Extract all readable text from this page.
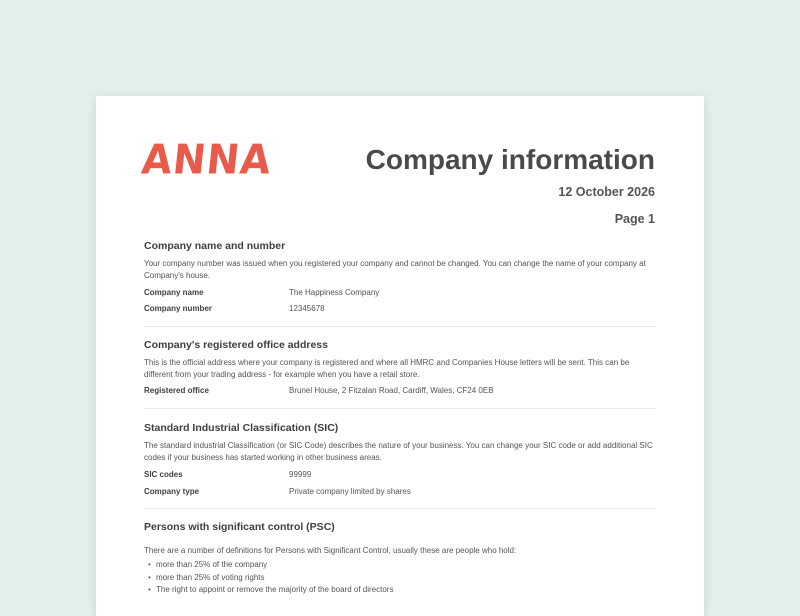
ANNA	Company information
12 October 2026
Page 1
Company name and number

Your company number was issued when you registered your company and cannot be changed. You can change the name of your company at Company's house.

Company name	The Happiness Company
Company number	12345678
Company's registered office address

This is the official address where your company is registered and where all HMRC and Companies House letters will be sent. This can be different from your trading address - for example when you have a retail store.

Registered office	Brunel House, 2 Fitzalan Road, Cardiff, Wales, CF24 0EB
Standard Industrial Classification (SIC)

The standard industrial Classification (or SIC Code) describes the nature of your business. You can change your SIC code or add additional SIC codes if your business has started working in other business areas.

SIC codes	99999
Company type	Private company limited by shares
Persons with significant control (PSC)

There are a number of definitions for Persons with Significant Control, usually these are people who hold:

• more than 25% of the company
• more than 25% of voting rights
• The right to appoint or remove the majority of the board of directors
